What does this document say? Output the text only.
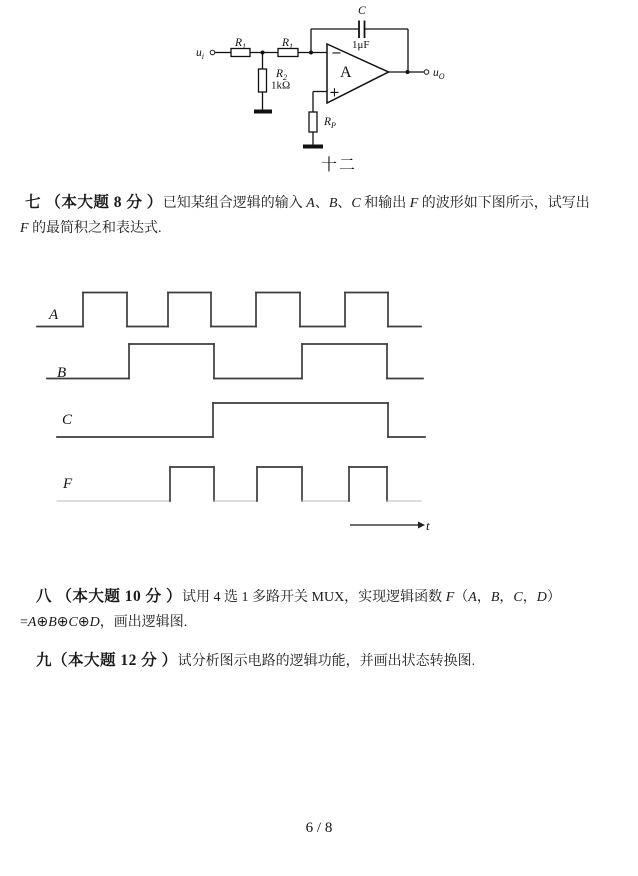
$u_i$
$u_O$
$R_1$	$R_1$
$R_2$
1kΩ
C
1μF
A
−
+
$R_P$
十二
七 （本大题 8 分 ）已知某组合逻辑的输入 A、B、C 和输出 F 的波形如下图所示，试写出
F 的最简积之和表达式.
A
B
C
F
t
八 （本大题 10 分 ）试用 4 选 1 多路开关 MUX，实现逻辑函数 F（A，B，C，D）
=A⊕B⊕C⊕D，画出逻辑图.
九（本大题 12 分 ）试分析图示电路的逻辑功能，并画出状态转换图.
6 / 8
